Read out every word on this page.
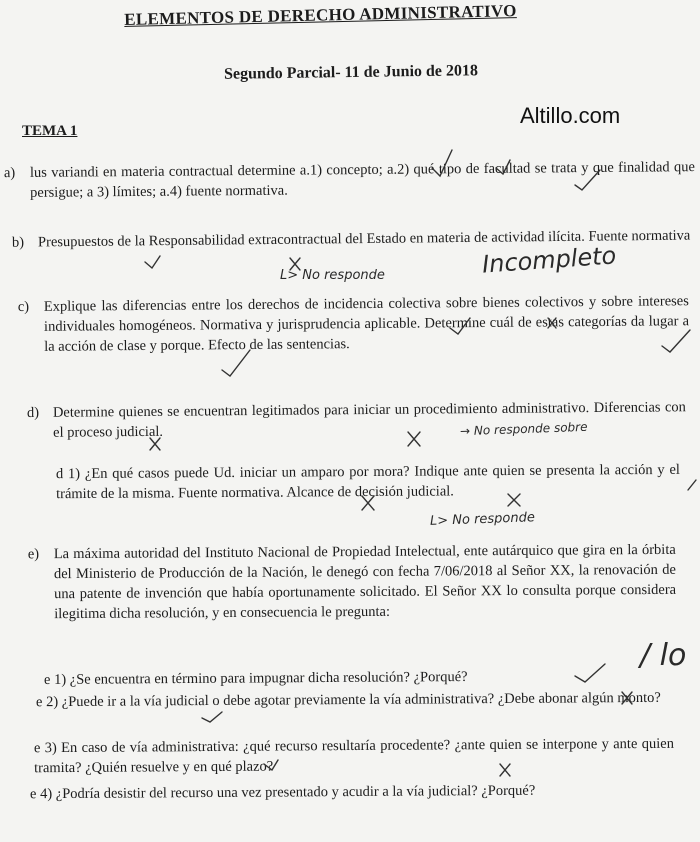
ELEMENTOS DE DERECHO ADMINISTRATIVO
Segundo Parcial- 11 de Junio de 2018
Altillo.com
TEMA 1
a) lus variandi en materia contractual determine a.1) concepto; a.2) qué tipo de facultad se trata y que finalidad que persigue; a 3) límites; a.4) fuente normativa.
b) Presupuestos de la Responsabilidad extracontractual del Estado en materia de actividad ilícita. Fuente normativa
L> No responde	Incompleto
c) Explique las diferencias entre los derechos de incidencia colectiva sobre bienes colectivos y sobre intereses individuales homogéneos. Normativa y jurisprudencia aplicable. Determine cuál de estas categorías da lugar a la acción de clase y porque. Efecto de las sentencias.
d) Determine quienes se encuentran legitimados para iniciar un procedimiento administrativo. Diferencias con el proceso judicial.	→ No responde sobre
d 1) ¿En qué casos puede Ud. iniciar un amparo por mora? Indique ante quien se presenta la acción y el trámite de la misma. Fuente normativa. Alcance de decisión judicial.
L> No responde
e) La máxima autoridad del Instituto Nacional de Propiedad Intelectual, ente autárquico que gira en la órbita del Ministerio de Producción de la Nación, le denegó con fecha 7/06/2018 al Señor XX, la renovación de una patente de invención que había oportunamente solicitado. El Señor XX lo consulta porque considera ilegitima dicha resolución, y en consecuencia le pregunta:
e 1) ¿Se encuentra en término para impugnar dicha resolución? ¿Porqué?
/ lo
e 2) ¿Puede ir a la vía judicial o debe agotar previamente la vía administrativa? ¿Debe abonar algún monto?
e 3) En caso de vía administrativa: ¿qué recurso resultaría procedente? ¿ante quien se interpone y ante quien tramita? ¿Quién resuelve y en qué plazo?
e 4) ¿Podría desistir del recurso una vez presentado y acudir a la vía judicial? ¿Porqué?
